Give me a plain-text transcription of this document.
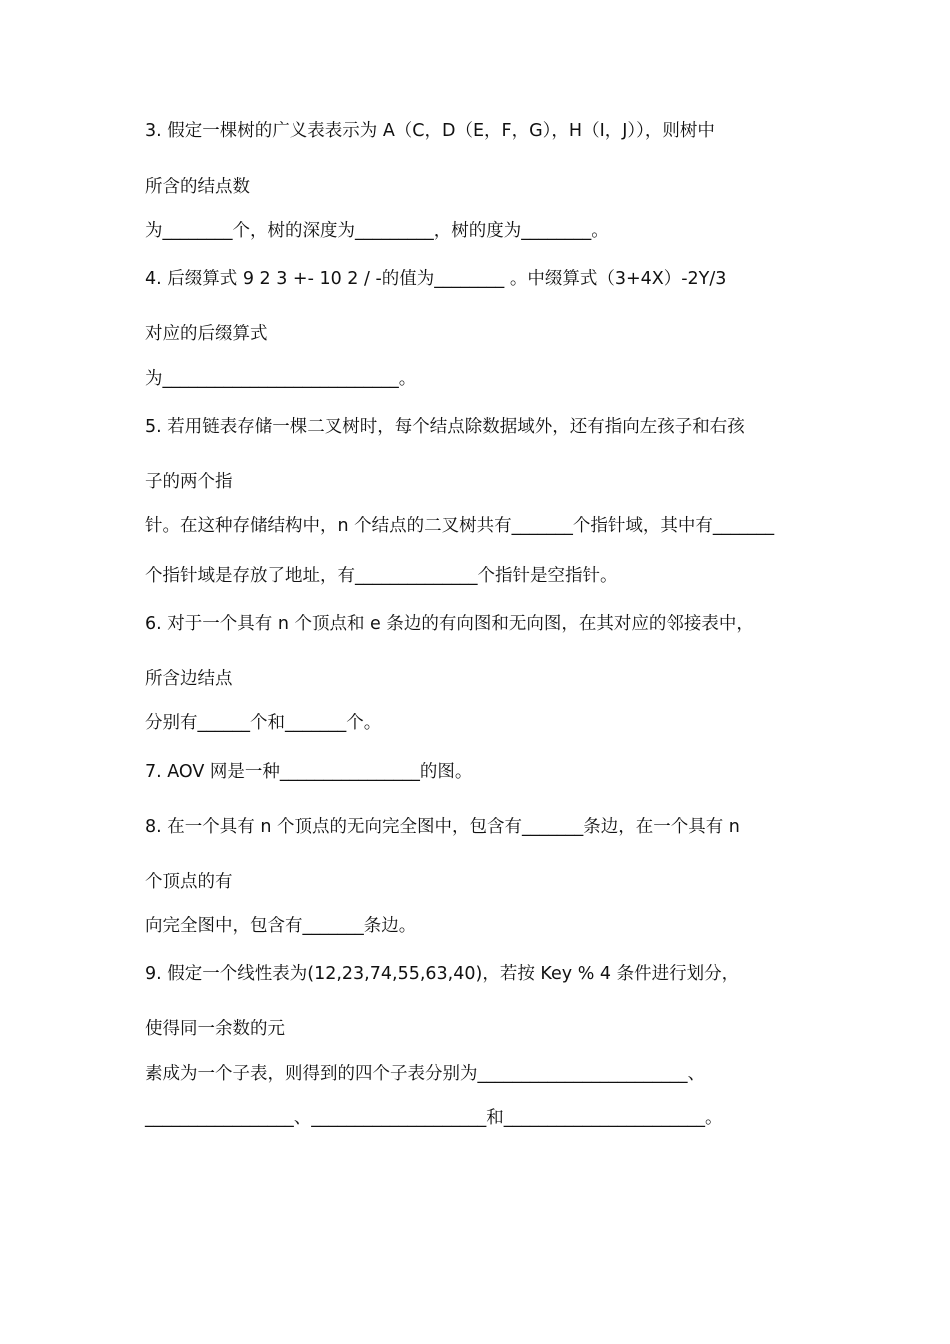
3. 假定一棵树的广义表表示为 A（C，D（E，F，G），H（I，J）），则树中
所含的结点数
为________个，树的深度为_________，树的度为________。
4. 后缀算式 9 2 3 +- 10 2 / -的值为________ 。中缀算式（3+4X）-2Y/3
对应的后缀算式
为___________________________。
5. 若用链表存储一棵二叉树时，每个结点除数据域外，还有指向左孩子和右孩
子的两个指
针。在这种存储结构中，n 个结点的二叉树共有_______个指针域，其中有_______
个指针域是存放了地址，有______________个指针是空指针。
6. 对于一个具有 n 个顶点和 e 条边的有向图和无向图，在其对应的邻接表中，
所含边结点
分别有______个和_______个。
7. AOV 网是一种________________的图。
8. 在一个具有 n 个顶点的无向完全图中，包含有_______条边，在一个具有 n
个顶点的有
向完全图中，包含有_______条边。
9. 假定一个线性表为(12,23,74,55,63,40)，若按 Key % 4 条件进行划分，
使得同一余数的元
素成为一个子表，则得到的四个子表分别为________________________、
_________________、____________________和_______________________。
